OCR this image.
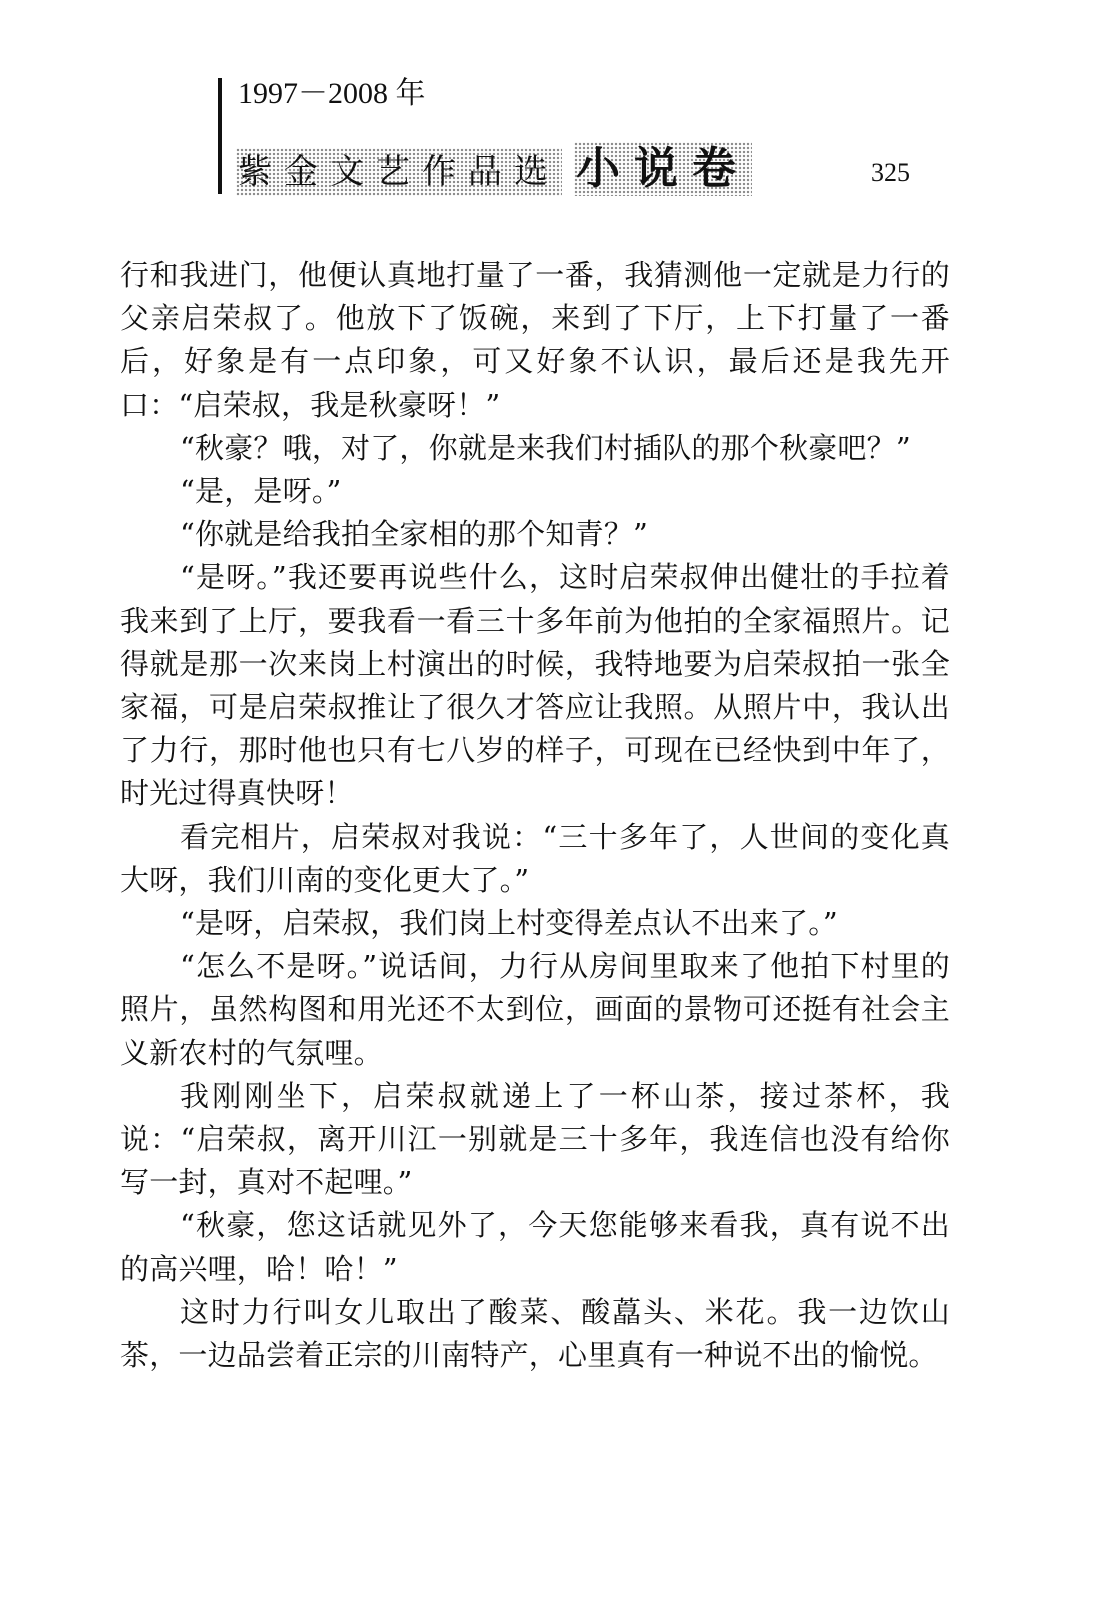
1997－2008 年
紫金文艺作品选 小说卷	325

行和我进门，他便认真地打量了一番，我猜测他一定就是力行的父亲启荣叔了。他放下了饭碗，来到了下厅，上下打量了一番后，好象是有一点印象，可又好象不认识，最后还是我先开口：“启荣叔，我是秋豪呀！”

“秋豪？哦，对了，你就是来我们村插队的那个秋豪吧？”

“是，是呀。”

“你就是给我拍全家相的那个知青？”

“是呀。”我还要再说些什么，这时启荣叔伸出健壮的手拉着我来到了上厅，要我看一看三十多年前为他拍的全家福照片。记得就是那一次来岗上村演出的时候，我特地要为启荣叔拍一张全家福，可是启荣叔推让了很久才答应让我照。从照片中，我认出了力行，那时他也只有七八岁的样子，可现在已经快到中年了，时光过得真快呀！

看完相片，启荣叔对我说：“三十多年了，人世间的变化真大呀，我们川南的变化更大了。”

“是呀，启荣叔，我们岗上村变得差点认不出来了。”

“怎么不是呀。”说话间，力行从房间里取来了他拍下村里的照片，虽然构图和用光还不太到位，画面的景物可还挺有社会主义新农村的气氛哩。

我刚刚坐下，启荣叔就递上了一杯山茶，接过茶杯，我说：“启荣叔，离开川江一别就是三十多年，我连信也没有给你写一封，真对不起哩。”

“秋豪，您这话就见外了，今天您能够来看我，真有说不出的高兴哩，哈！哈！”

这时力行叫女儿取出了酸菜、酸藠头、米花。我一边饮山茶，一边品尝着正宗的川南特产，心里真有一种说不出的愉悦。
